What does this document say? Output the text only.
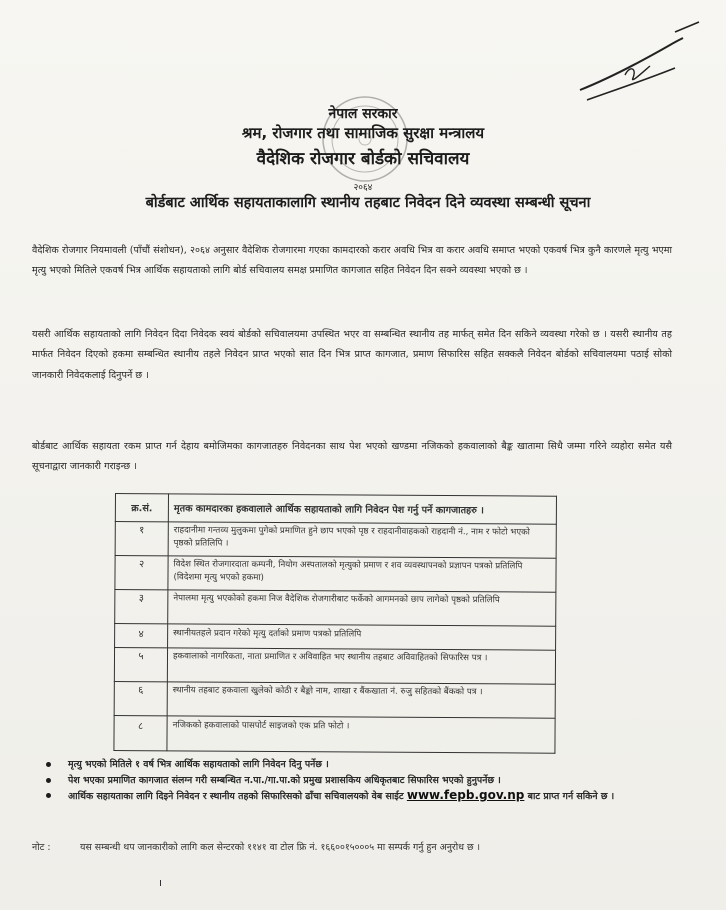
नेपाल सरकार
श्रम, रोजगार तथा सामाजिक सुरक्षा मन्त्रालय
वैदेशिक रोजगार बोर्डको सचिवालय
२०६४
बोर्डबाट आर्थिक सहायताकालागि स्थानीय तहबाट निवेदन दिने व्यवस्था सम्बन्धी सूचना

वैदेशिक रोजगार नियमावली (पाँचौं संशोधन), २०६४ अनुसार वैदेशिक रोजगारमा गएका कामदारको करार अवधि भित्र वा करार अवधि समाप्त भएको एकवर्ष भित्र कुनै कारणले मृत्यु भएमा मृत्यु भएको मितिले एकवर्ष भित्र आर्थिक सहायताको लागि बोर्ड सचिवालय समक्ष प्रमाणित कागजात सहित निवेदन दिन सक्ने व्यवस्था भएको छ ।

यसरी आर्थिक सहायताको लागि निवेदन दिदा निवेदक स्वयं बोर्डको सचिवालयमा उपस्थित भएर वा सम्बन्धित स्थानीय तह मार्फत् समेत दिन सकिने व्यवस्था गरेको छ । यसरी स्थानीय तह मार्फत निवेदन दिएको हकमा सम्बन्धित स्थानीय तहले निवेदन प्राप्त भएको सात दिन भित्र प्राप्त कागजात, प्रमाण सिफारिस सहित सक्कलै निवेदन बोर्डको सचिवालयमा पठाई सोको जानकारी निवेदकलाई दिनुपर्ने छ ।

बोर्डबाट आर्थिक सहायता रकम प्राप्त गर्न देहाय बमोजिमका कागजातहरु निवेदनका साथ पेश भएको खण्डमा नजिकको हकवालाको बैङ्क खातामा सिधै जम्मा गरिने व्यहोरा समेत यसै सूचनाद्वारा जानकारी गराइन्छ ।

क्र.सं.	मृतक कामदारका हकवालाले आर्थिक सहायताको लागि निवेदन पेश गर्नु पर्ने कागजातहरु ।
१	राहदानीमा गन्तव्य मुलुकमा पुगेको प्रमाणित हुने छाप भएको पृष्ठ र राहदानीवाहकको राहदानी नं., नाम र फोटो भएको पृष्ठको प्रतिलिपि ।
२	विदेश स्थित रोजगारदाता कम्पनी, नियोग अस्पतालको मृत्युको प्रमाण र शव व्यवस्थापनको प्रज्ञापन पत्रको प्रतिलिपि (विदेशमा मृत्यु भएको हकमा)
३	नेपालमा मृत्यु भएकोको हकमा निज वैदेशिक रोजगारीबाट फर्केको आगमनको छाप लागेको पृष्ठको प्रतिलिपि
४	स्थानीयतहले प्रदान गरेको मृत्यु दर्ताको प्रमाण पत्रको प्रतिलिपि
५	हकवालाको नागरिकता, नाता प्रमाणित र अविवाहित भए स्थानीय तहबाट अविवाहितको सिफारिस पत्र ।
६	स्थानीय तहबाट हकवाला खुलेको कोठी र बैङ्को नाम, शाखा र बैंकखाता नं. रुजु सहितको बैंकको पत्र ।
८	नजिकको हकवालाको पासपोर्ट साइजको एक प्रति फोटो ।
मृत्यु भएको मितिले १ वर्ष भित्र आर्थिक सहायताको लागि निवेदन दिनु पर्नेछ ।
पेश भएका प्रमाणित कागजात संलग्न गरी सम्बन्धित न.पा./गा.पा.को प्रमुख प्रशासकिय अधिकृतबाट सिफारिस भएको हुनुपर्नेछ ।
आर्थिक सहायताका लागि दिइने निवेदन र स्थानीय तहको सिफारिसको ढाँचा सचिवालयको वेब साईट www.fepb.gov.np बाट प्राप्त गर्न सकिने छ ।
नोट :	यस सम्बन्धी थप जानकारीको लागि कल सेन्टरको ११४१ वा टोल फ्रि नं. १६६००१५०००५ मा सम्पर्क गर्नु हुन अनुरोध छ ।
